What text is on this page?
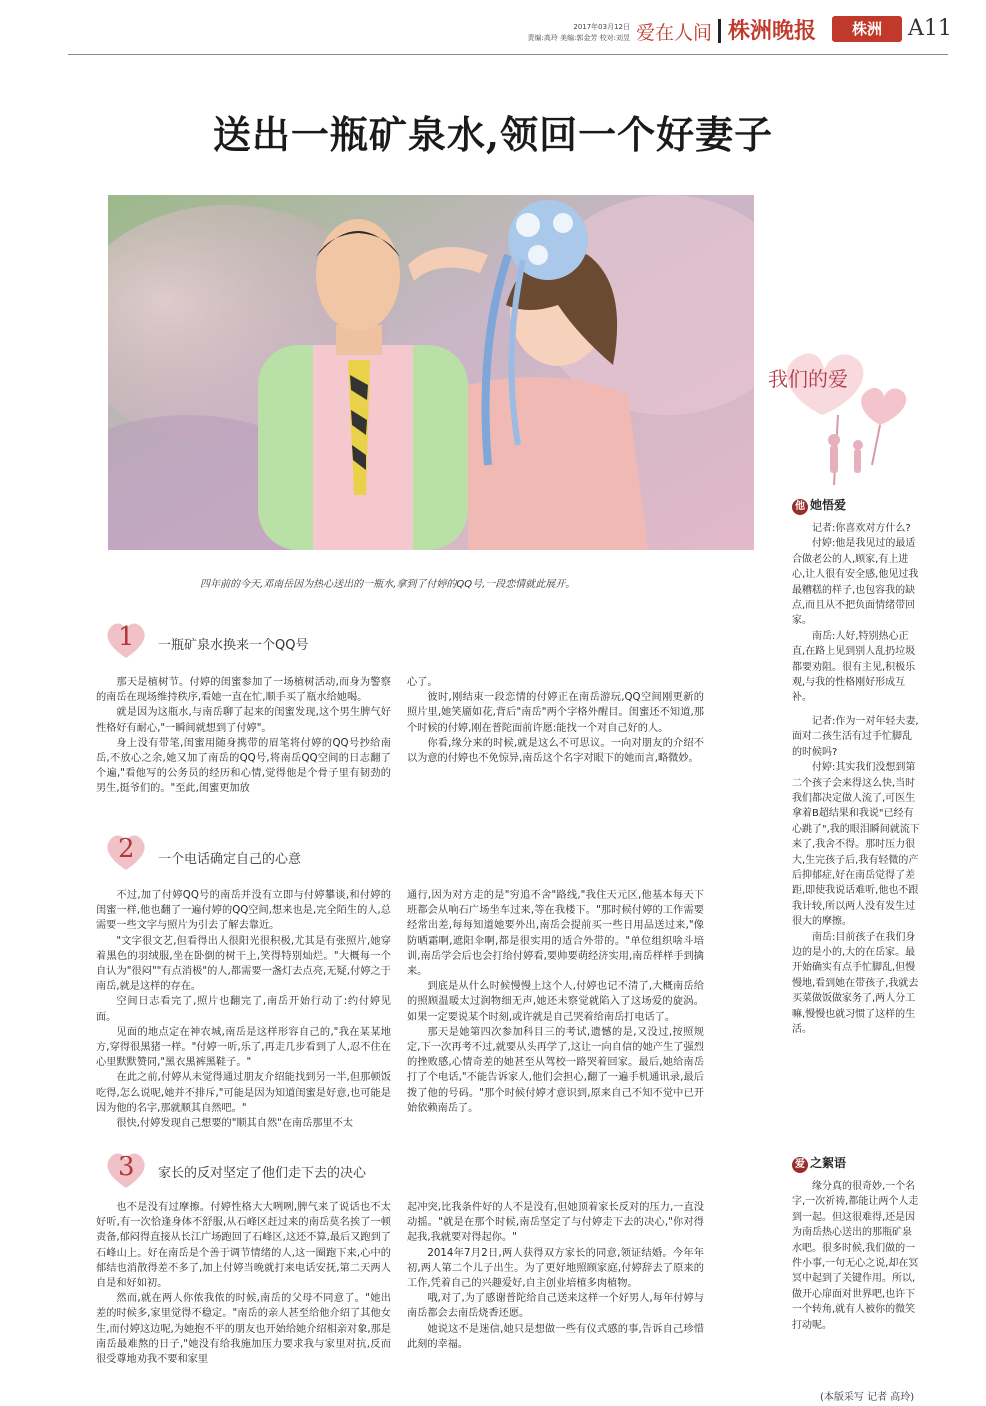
2017年03月12日
责编:高玲 美编:郭金芳 校对:刘昱 爱在人间 株洲晚报	株洲	A11
送出一瓶矿泉水,领回一个好妻子
四年前的今天,邓南岳因为热心送出的一瓶水,拿到了付婷的QQ号,一段恋情就此展开。
1 一瓶矿泉水换来一个QQ号

那天是植树节。付婷的闺蜜参加了一场植树活动,而身为警察的南岳在现场维持秩序,看她一直在忙,顺手买了瓶水给她喝。

就是因为这瓶水,与南岳聊了起来的闺蜜发现,这个男生脾气好性格好有耐心,"一瞬间就想到了付婷"。

身上没有带笔,闺蜜用随身携带的眉笔将付婷的QQ号抄给南岳,不放心之余,她又加了南岳的QQ号,将南岳QQ空间的日志翻了个遍,"看他写的公务员的经历和心情,觉得他是个骨子里有韧劲的男生,挺爷们的。"至此,闺蜜更加放

心了。

彼时,刚结束一段恋情的付婷正在南岳游玩,QQ空间刚更新的照片里,她笑靥如花,背后"南岳"两个字格外醒目。闺蜜还不知道,那个时候的付婷,刚在普陀面前许愿:能找一个对自己好的人。

你看,缘分来的时候,就是这么不可思议。一向对朋友的介绍不以为意的付婷也不免惊异,南岳这个名字对眼下的她而言,略微妙。

2 一个电话确定自己的心意

不过,加了付婷QQ号的南岳并没有立即与付婷攀谈,和付婷的闺蜜一样,他也翻了一遍付婷的QQ空间,想来也是,完全陌生的人,总需要一些文字与照片为引去了解去靠近。

"文字很文艺,但看得出人很阳光很积极,尤其是有张照片,她穿着黑色的羽绒服,坐在卧倒的树干上,笑得特别灿烂。"大概每一个自认为"很闷""有点消极"的人,都需要一盏灯去点亮,无疑,付婷之于南岳,就是这样的存在。

空间日志看完了,照片也翻完了,南岳开始行动了:约付婷见面。

见面的地点定在神农城,南岳是这样形容自己的,"我在某某地方,穿得很黑猪一样。"付婷一听,乐了,再走几步看到了人,忍不住在心里默默赞同,"黑衣黑裤黑鞋子。"

在此之前,付婷从未觉得通过朋友介绍能找到另一半,但那顿饭吃得,怎么说呢,她并不排斥,"可能是因为知道闺蜜是好意,也可能是因为他的名字,那就顺其自然吧。"

很快,付婷发现自己想要的"顺其自然"在南岳那里不太

通行,因为对方走的是"穷追不舍"路线,"我住天元区,他基本每天下班都会从响石广场坐车过来,等在我楼下。"那时候付婷的工作需要经常出差,每每知道她要外出,南岳会提前买一些日用品送过来,"像防晒霜啊,遮阳伞啊,都是很实用的适合外带的。"单位组织啥斗培训,南岳学会后也会打给付婷看,要帅要萌经济实用,南岳样样手到擒来。

到底是从什么时候慢慢上这个人,付婷也记不清了,大概南岳给的照顾温暖太过润物细无声,她还未察觉就陷入了这场爱的旋涡。如果一定要说某个时刻,或许就是自己哭着给南岳打电话了。

那天是她第四次参加科目三的考试,遗憾的是,又没过,按照规定,下一次再考不过,就要从头再学了,这让一向自信的她产生了强烈的挫败感,心情奇差的她甚至从驾校一路哭着回家。最后,她给南岳打了个电话,"不能告诉家人,他们会担心,翻了一遍手机通讯录,最后拨了他的号码。"那个时候付婷才意识到,原来自己不知不觉中已开始依赖南岳了。

3 家长的反对坚定了他们走下去的决心

也不是没有过摩擦。付婷性格大大咧咧,脾气来了说话也不太好听,有一次恰逢身体不舒服,从石峰区赶过来的南岳莫名挨了一顿责备,郁闷得直接从长江广场跑回了石峰区,这还不算,最后又跑到了石峰山上。好在南岳是个善于调节情绪的人,这一圈跑下来,心中的郁结也消散得差不多了,加上付婷当晚就打来电话安抚,第二天两人自是和好如初。

然而,就在两人你侬我侬的时候,南岳的父母不同意了。"她出差的时候多,家里觉得不稳定。"南岳的亲人甚至给他介绍了其他女生,而付婷这边呢,为她抱不平的朋友也开始给她介绍相亲对象,那是南岳最难熬的日子,"她没有给我施加压力要求我与家里对抗,反而很受尊地劝我不要和家里

起冲突,比我条件好的人不是没有,但她顶着家长反对的压力,一直没动摇。"就是在那个时候,南岳坚定了与付婷走下去的决心,"你对得起我,我就要对得起你。"

2014年7月2日,两人获得双方家长的同意,领证结婚。今年年初,两人第二个儿子出生。为了更好地照顾家庭,付婷辞去了原来的工作,凭着自己的兴趣爱好,自主创业培植多肉植物。

哦,对了,为了感谢普陀给自己送来这样一个好男人,每年付婷与南岳都会去南岳烧香还愿。

她说这不是迷信,她只是想做一些有仪式感的事,告诉自己珍惜此刻的幸福。

我们的爱
他 她悟爱

记者:你喜欢对方什么?

付婷:他是我见过的最适合做老公的人,顾家,有上进心,让人很有安全感,他见过我最糟糕的样子,也包容我的缺点,而且从不把负面情绪带回家。

南岳:人好,特别热心正直,在路上见到别人乱扔垃圾都要劝阻。很有主见,积极乐观,与我的性格刚好形成互补。

记者:作为一对年轻夫妻,面对二孩生活有过手忙脚乱的时候吗?

付婷:其实我们没想到第二个孩子会来得这么快,当时我们都决定做人流了,可医生拿着B超结果和我说"已经有心跳了",我的眼泪瞬间就流下来了,我舍不得。那时压力很大,生完孩子后,我有轻微的产后抑郁症,好在南岳觉得了差距,即使我说话难听,他也不跟我计较,所以两人没有发生过很大的摩擦。

南岳:目前孩子在我们身边的是小的,大的在岳家。最开始确实有点手忙脚乱,但慢慢地,看到她在带孩子,我就去买菜做饭做家务了,两人分工嘛,慢慢也就习惯了这样的生活。

爱 之絮语

缘分真的很奇妙,一个名字,一次祈祷,都能让两个人走到一起。但这很难得,还是因为南岳热心送出的那瓶矿泉水吧。很多时候,我们做的一件小事,一句无心之说,却在冥冥中起到了关键作用。所以,做开心扉面对世界吧,也许下一个转角,就有人被你的微笑打动呢。

(本版采写 记者 高玲)
